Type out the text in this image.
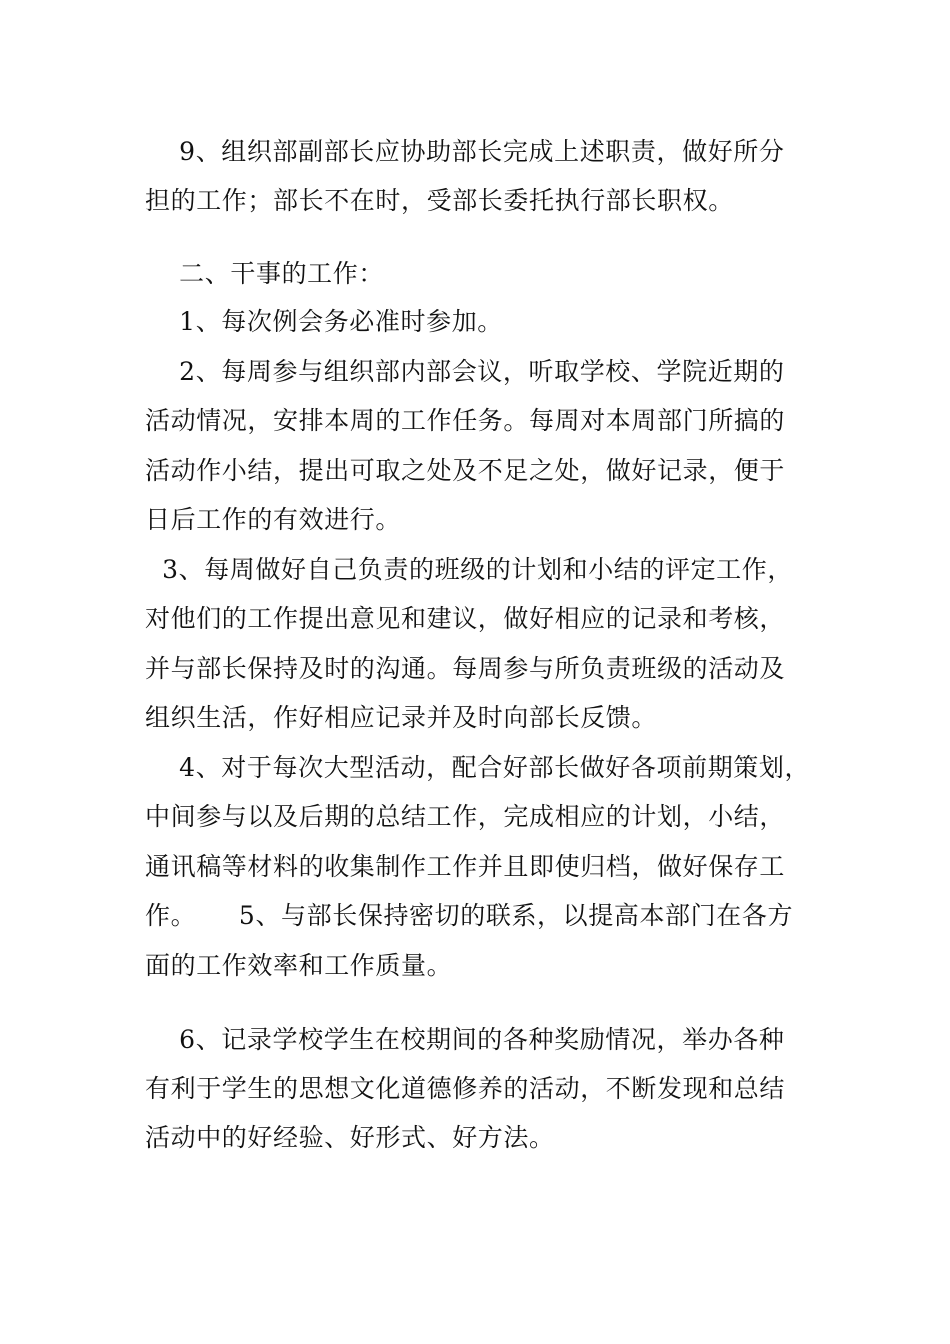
9、组织部副部长应协助部长完成上述职责，做好所分
担的工作；部长不在时，受部长委托执行部长职权。
二、干事的工作：
1、每次例会务必准时参加。
2、每周参与组织部内部会议，听取学校、学院近期的
活动情况，安排本周的工作任务。每周对本周部门所搞的
活动作小结，提出可取之处及不足之处，做好记录，便于
日后工作的有效进行。
3、每周做好自己负责的班级的计划和小结的评定工作，
对他们的工作提出意见和建议，做好相应的记录和考核，
并与部长保持及时的沟通。每周参与所负责班级的活动及
组织生活，作好相应记录并及时向部长反馈。
4、对于每次大型活动，配合好部长做好各项前期策划，
中间参与以及后期的总结工作，完成相应的计划，小结，
通讯稿等材料的收集制作工作并且即使归档，做好保存工
作。     5、与部长保持密切的联系，以提高本部门在各方
面的工作效率和工作质量。
6、记录学校学生在校期间的各种奖励情况，举办各种
有利于学生的思想文化道德修养的活动，不断发现和总结
活动中的好经验、好形式、好方法。
